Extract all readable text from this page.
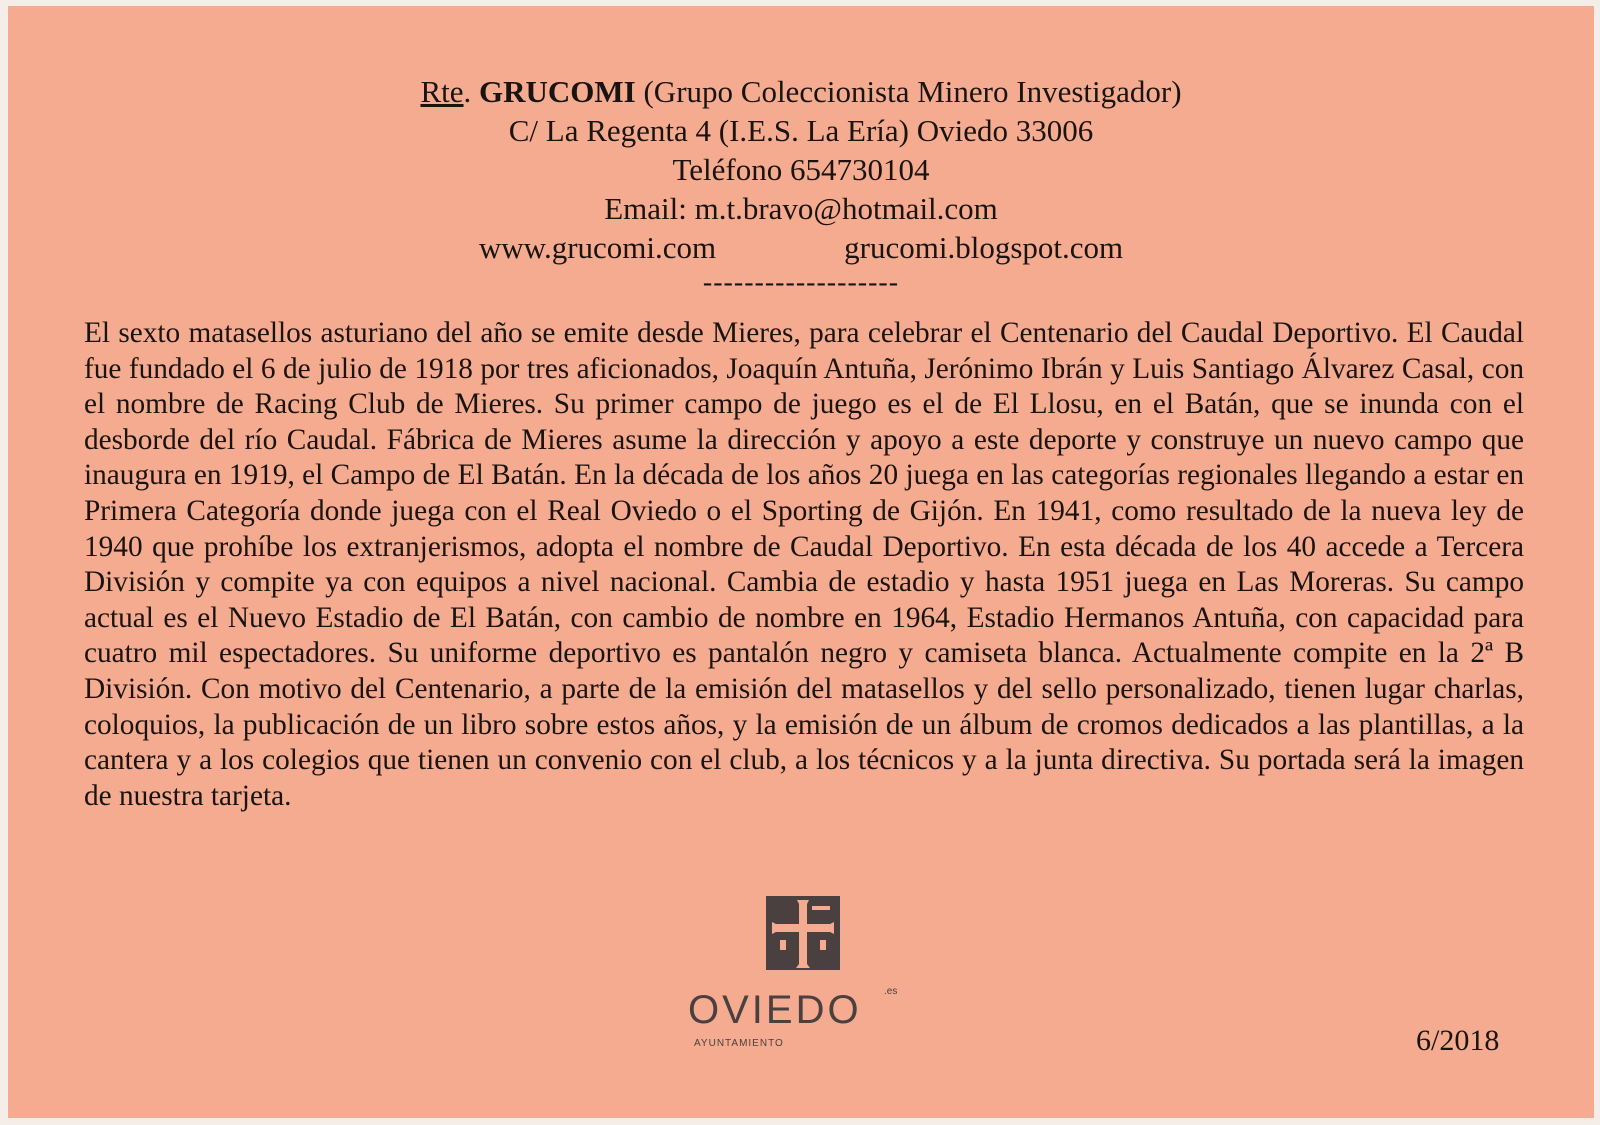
Rte. GRUCOMI (Grupo Coleccionista Minero Investigador)
C/ La Regenta 4 (I.E.S. La Ería) Oviedo 33006
Teléfono 654730104
Email: m.t.bravo@hotmail.com
www.grucomi.com	grucomi.blogspot.com
-------------------
El sexto matasellos asturiano del año se emite desde Mieres, para celebrar el Centenario del Caudal Deportivo. El Caudal fue fundado el 6 de julio de 1918 por tres aficionados, Joaquín Antuña, Jerónimo Ibrán y Luis Santiago Álvarez Casal, con el nombre de Racing Club de Mieres. Su primer campo de juego es el de El Llosu, en el Batán, que se inunda con el desborde del río Caudal. Fábrica de Mieres asume la dirección y apoyo a este deporte y construye un nuevo campo que inaugura en 1919, el Campo de El Batán. En la década de los años 20 juega en las categorías regionales llegando a estar en Primera Categoría donde juega con el Real Oviedo o el Sporting de Gijón. En 1941, como resultado de la nueva ley de 1940 que prohíbe los extranjerismos, adopta el nombre de Caudal Deportivo. En esta década de los 40 accede a Tercera División y compite ya con equipos a nivel nacional. Cambia de estadio y hasta 1951 juega en Las Moreras. Su campo actual es el Nuevo Estadio de El Batán, con cambio de nombre en 1964, Estadio Hermanos Antuña, con capacidad para cuatro mil espectadores. Su uniforme deportivo es pantalón negro y camiseta blanca. Actualmente compite en la 2ª B División. Con motivo del Centenario, a parte de la emisión del matasellos y del sello personalizado, tienen lugar charlas, coloquios, la publicación de un libro sobre estos años, y la emisión de un álbum de cromos dedicados a las plantillas, a la cantera y a los colegios que tienen un convenio con el club, a los técnicos y a la junta directiva. Su portada será la imagen de nuestra tarjeta.
OVIEDO	.es
AYUNTAMIENTO	6/2018
